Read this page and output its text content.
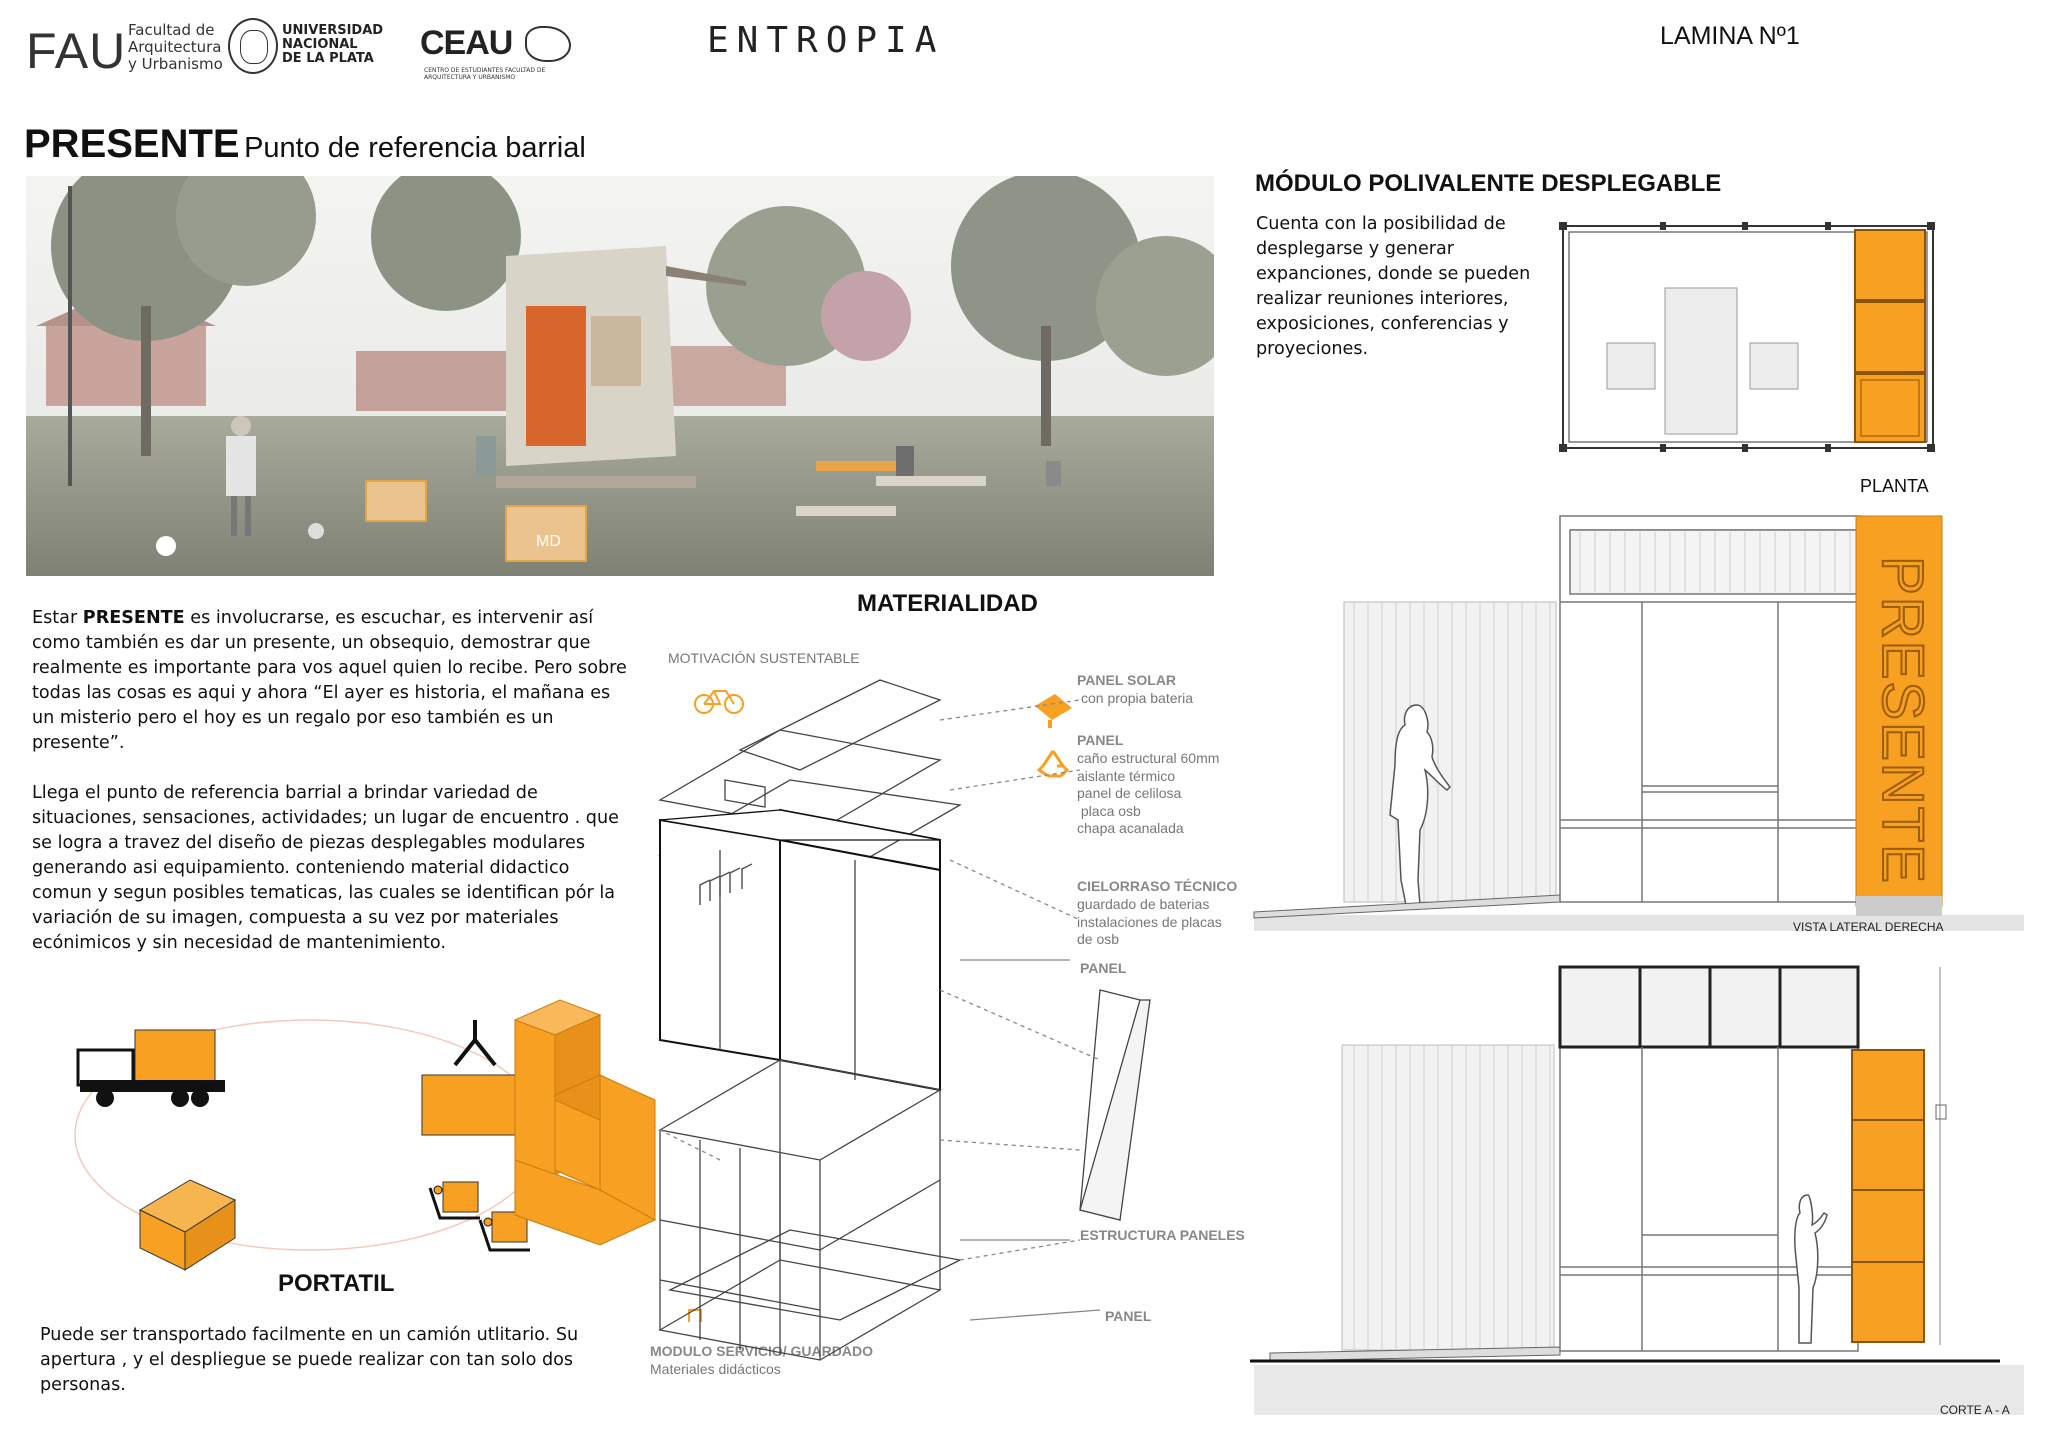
FAU Facultad de
Arquitectura
y Urbanismo
UNIVERSIDAD
NACIONAL
DE LA PLATA	CEAU
CENTRO DE ESTUDIANTES FACULTAD DE ARQUITECTURA Y URBANISMO
ENTROPIA	LAMINA Nº1
PRESENTE Punto de referencia barrial
MD
Estar PRESENTE es involucrarse, es escuchar, es intervenir así como también es dar un presente, un obsequio, demostrar que realmente es importante para vos aquel quien lo recibe. Pero sobre todas las cosas es aqui y ahora “El ayer es historia, el mañana es un misterio pero el hoy es un regalo por eso también es un presente”.
Llega el punto de referencia barrial a brindar variedad de situaciones, sensaciones, actividades; un lugar de encuentro . que se logra a travez del diseño de piezas desplegables modulares generando asi equipamiento. conteniendo material didactico comun y segun posibles tematicas, las cuales se identifican pór la variación de su imagen, compuesta a su vez por materiales ecónimicos y sin necesidad de mantenimiento.
PORTATIL
Puede ser transportado facilmente en un camión utlitario. Su apertura , y el despliegue se puede realizar con tan solo dos personas.
MATERIALIDAD
MOTIVACIÓN SUSTENTABLE
PANEL SOLAR
con propia bateria
PANEL
caño estructural 60mm
aislante térmico
panel de celilosa
placa osb
chapa acanalada
CIELORRASO TÉCNICO
guardado de baterias
instalaciones de placas
de osb
PANEL
ESTRUCTURA PANELES
PANEL
MODULO SERVICIO/ GUARDADO
Materiales didácticos
MÓDULO POLIVALENTE DESPLEGABLE
Cuenta con la posibilidad de desplegarse y generar expanciones, donde se pueden realizar reuniones interiores, exposiciones, conferencias y proyeciones.
PLANTA
PRESENTE
VISTA LATERAL DERECHA
CORTE A - A
